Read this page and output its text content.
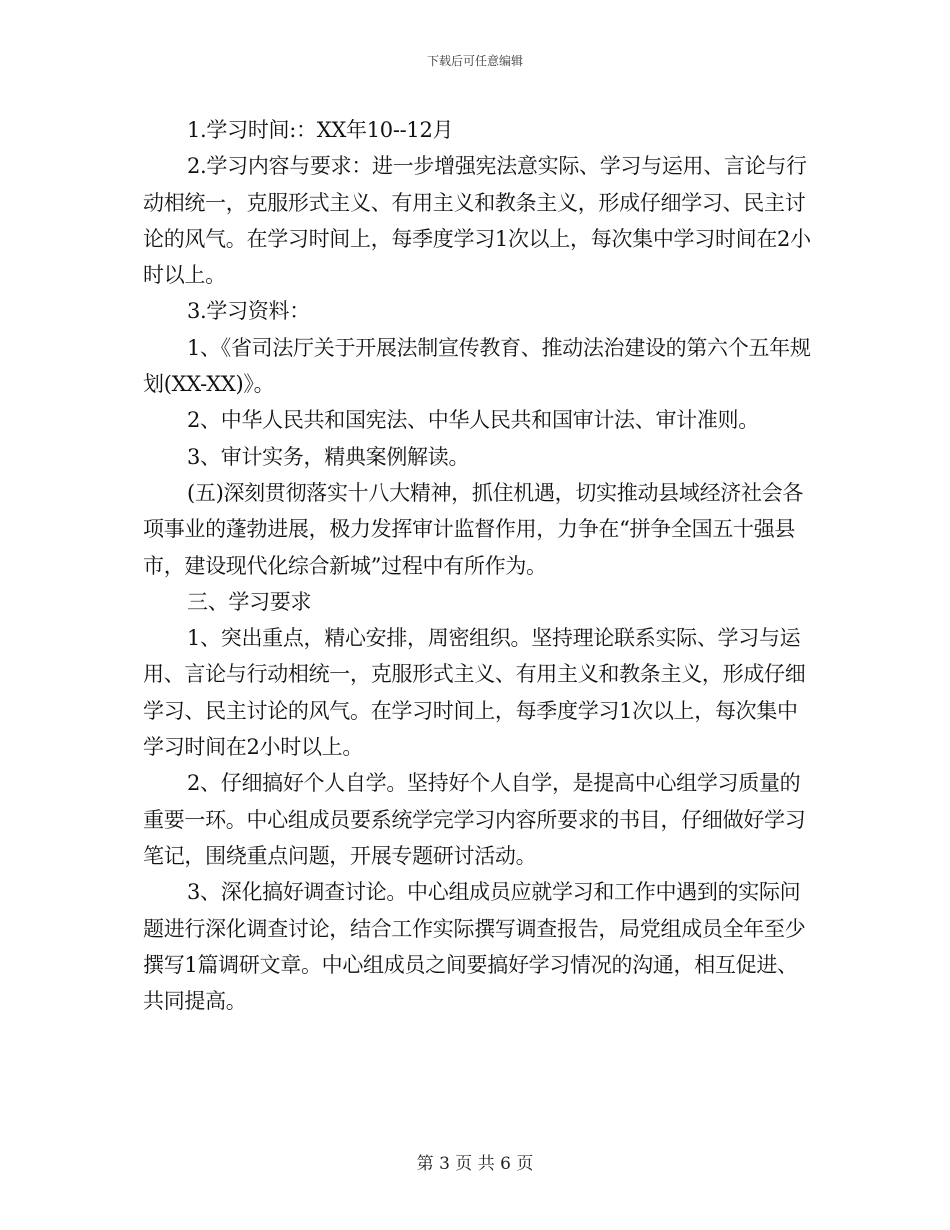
下载后可任意编辑

1.学习时间:：XX年10--12月

2.学习内容与要求：进一步增强宪法意实际、学习与运用、言论与行动相统一，克服形式主义、有用主义和教条主义，形成仔细学习、民主讨论的风气。在学习时间上，每季度学习1次以上，每次集中学习时间在2小时以上。

3.学习资料：

1、《省司法厅关于开展法制宣传教育、推动法治建设的第六个五年规划(XX-XX)》。

2、中华人民共和国宪法、中华人民共和国审计法、审计准则。

3、审计实务，精典案例解读。

(五)深刻贯彻落实十八大精神，抓住机遇，切实推动县域经济社会各项事业的蓬勃进展，极力发挥审计监督作用，力争在“拼争全国五十强县市，建设现代化综合新城”过程中有所作为。

三、学习要求

1、突出重点，精心安排，周密组织。坚持理论联系实际、学习与运用、言论与行动相统一，克服形式主义、有用主义和教条主义，形成仔细学习、民主讨论的风气。在学习时间上，每季度学习1次以上，每次集中学习时间在2小时以上。

2、仔细搞好个人自学。坚持好个人自学，是提高中心组学习质量的重要一环。中心组成员要系统学完学习内容所要求的书目，仔细做好学习笔记，围绕重点问题，开展专题研讨活动。

3、深化搞好调查讨论。中心组成员应就学习和工作中遇到的实际问题进行深化调查讨论，结合工作实际撰写调查报告，局党组成员全年至少撰写1篇调研文章。中心组成员之间要搞好学习情况的沟通，相互促进、共同提高。

第 3 页 共 6 页
